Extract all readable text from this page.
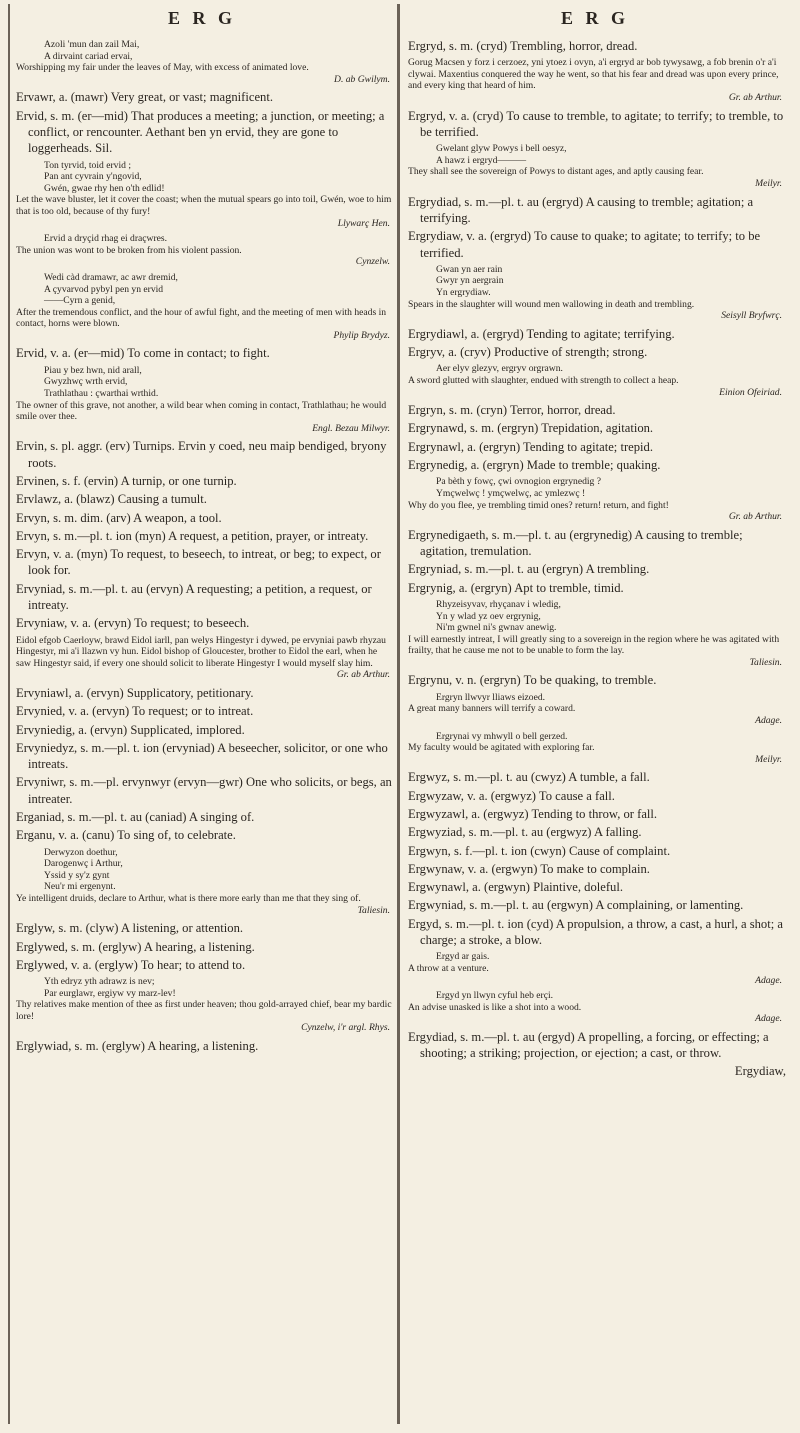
E R G	E R G
Azoli 'mun dan zail Mai,
A dirvaint cariad ervai,
Worshipping my fair under the leaves of May, with excess of animated love.
D. ab Gwilym.
Ervawr, a. (mawr) Very great, or vast; magnificent.
Ervid, s. m. (er—mid) That produces a meeting; a junction, or meeting; a conflict, or rencounter. Aethant ben yn ervid, they are gone to loggerheads. Sil.
Ton tyrvid, toid ervid ;
Pan ant cyvrain y'ngovid,
Gwén, gwae rhy hen o'th edlid!
Let the wave bluster, let it cover the coast; when the mutual spears go into toil, Gwén, woe to him that is too old, because of thy fury!
Llywarç Hen.
Ervid a dryçid rhag ei draçwres.
The union was wont to be broken from his violent passion.
Cynzelw.
Wedi càd dramawr, ac awr dremid,
A çyvarvod pybyl pen yn ervid
——Cyrn a genid,
After the tremendous conflict, and the hour of awful fight, and the meeting of men with heads in contact, horns were blown.
Phylip Brydyz.
Ervid, v. a. (er—mid) To come in contact; to fight.
Piau y bez hwn, nid arall,
Gwyzhwç wrth ervid,
Trathlathau : çwarthai wrthid.
The owner of this grave, not another, a wild bear when coming in contact, Trathlathau; he would smile over thee.
Engl. Bezau Milwyr.
Ervin, s. pl. aggr. (erv) Turnips. Ervin y coed, neu maip bendiged, bryony roots.
Ervinen, s. f. (ervin) A turnip, or one turnip.
Ervlawz, a. (blawz) Causing a tumult.
Ervyn, s. m. dim. (arv) A weapon, a tool.
Ervyn, s. m.—pl. t. ion (myn) A request, a petition, prayer, or intreaty.
Ervyn, v. a. (myn) To request, to beseech, to intreat, or beg; to expect, or look for.
Ervyniad, s. m.—pl. t. au (ervyn) A requesting; a petition, a request, or intreaty.
Ervyniaw, v. a. (ervyn) To request; to beseech.
Eidol efgob Caerloyw, brawd Eidol iarll, pan welys Hingestyr i dywed, pe ervyniai pawb rhyzau Hingestyr, mi a'i llazwn vy hun. Eidol bishop of Gloucester, brother to Eidol the earl, when he saw Hingestyr said, if every one should solicit to liberate Hingestyr I would myself slay him.
Gr. ab Arthur.
Ervyniawl, a. (ervyn) Supplicatory, petitionary.
Ervynied, v. a. (ervyn) To request; or to intreat.
Ervyniedig, a. (ervyn) Supplicated, implored.
Ervyniedyz, s. m.—pl. t. ion (ervyniad) A beseecher, solicitor, or one who intreats.
Ervyniwr, s. m.—pl. ervynwyr (ervyn—gwr) One who solicits, or begs, an intreater.
Erganiad, s. m.—pl. t. au (caniad) A singing of.
Erganu, v. a. (canu) To sing of, to celebrate.
Derwyzon doethur,
Darogenwç i Arthur,
Yssid y sy'z gynt
Neu'r mi ergenynt.
Ye intelligent druids, declare to Arthur, what is there more early than me that they sing of.
Taliesin.
Erglyw, s. m. (clyw) A listening, or attention.
Erglywed, s. m. (erglyw) A hearing, a listening.
Erglywed, v. a. (erglyw) To hear; to attend to.
Yth edryz yth adrawz is nev;
Par eurglawr, ergiyw vy marz-lev!
Thy relatives make mention of thee as first under heaven; thou gold-arrayed chief, bear my bardic lore!
Cynzelw, i'r argl. Rhys.
Erglywiad, s. m. (erglyw) A hearing, a listening.
Ergryd, s. m. (cryd) Trembling, horror, dread.
Gorug Macsen y forz i cerzoez, yni ytoez i ovyn, a'i ergryd ar bob tywysawg, a fob brenin o'r a'i clywai. Maxentius conquered the way he went, so that his fear and dread was upon every prince, and every king that heard of him.
Gr. ab Arthur.
Ergryd, v. a. (cryd) To cause to tremble, to agitate; to terrify; to tremble, to be terrified.
Gwelant glyw Powys i bell oesyz,
A hawz i ergryd———
They shall see the sovereign of Powys to distant ages, and aptly causing fear.
Meilyr.
Ergrydiad, s. m.—pl. t. au (ergryd) A causing to tremble; agitation; a terrifying.
Ergrydiaw, v. a. (ergryd) To cause to quake; to agitate; to terrify; to be terrified.
Gwan yn aer rain
Gwyr yn aergrain
Yn ergrydiaw.
Spears in the slaughter will wound men wallowing in death and trembling.
Seisyll Bryfwrç.
Ergrydiawl, a. (ergryd) Tending to agitate; terrifying.
Ergryv, a. (cryv) Productive of strength; strong.
Aer elyv glezyv, ergryv orgrawn.
A sword glutted with slaughter, endued with strength to collect a heap.
Einion Ofeiriad.
Ergryn, s. m. (cryn) Terror, horror, dread.
Ergrynawd, s. m. (ergryn) Trepidation, agitation.
Ergrynawl, a. (ergryn) Tending to agitate; trepid.
Ergrynedig, a. (ergryn) Made to tremble; quaking.
Pa bèth y fowç, çwi ovnogion ergrynedig ?
Ymçwelwç ! ymçwelwç, ac ymlezwç !
Why do you flee, ye trembling timid ones? return! return, and fight!
Gr. ab Arthur.
Ergrynedigaeth, s. m.—pl. t. au (ergrynedig) A causing to tremble; agitation, tremulation.
Ergryniad, s. m.—pl. t. au (ergryn) A trembling.
Ergrynig, a. (ergryn) Apt to tremble, timid.
Rhyzeisyvav, rhyçanav i wledig,
Yn y wlad yz oev ergrynig,
Ni'm gwnel ni's gwnav anewig.
I will earnestly intreat, I will greatly sing to a sovereign in the region where he was agitated with frailty, that he cause me not to be unable to form the lay.
Taliesin.
Ergrynu, v. n. (ergryn) To be quaking, to tremble.
Ergryn llwvyr lliaws eizoed.
A great many banners will terrify a coward.
Adage.
Ergrynai vy mhwyll o bell gerzed.
My faculty would be agitated with exploring far.
Meilyr.
Ergwyz, s. m.—pl. t. au (cwyz) A tumble, a fall.
Ergwyzaw, v. a. (ergwyz) To cause a fall.
Ergwyzawl, a. (ergwyz) Tending to throw, or fall.
Ergwyziad, s. m.—pl. t. au (ergwyz) A falling.
Ergwyn, s. f.—pl. t. ion (cwyn) Cause of complaint.
Ergwynaw, v. a. (ergwyn) To make to complain.
Ergwynawl, a. (ergwyn) Plaintive, doleful.
Ergwyniad, s. m.—pl. t. au (ergwyn) A complaining, or lamenting.
Ergyd, s. m.—pl. t. ion (cyd) A propulsion, a throw, a cast, a hurl, a shot; a charge; a stroke, a blow.
Ergyd ar gais.
A throw at a venture.
Adage.
Ergyd yn llwyn cyful heb erçi.
An advise unasked is like a shot into a wood.
Adage.
Ergydiad, s. m.—pl. t. au (ergyd) A propelling, a forcing, or effecting; a shooting; a striking; projection, or ejection; a cast, or throw.
Ergydiaw,
